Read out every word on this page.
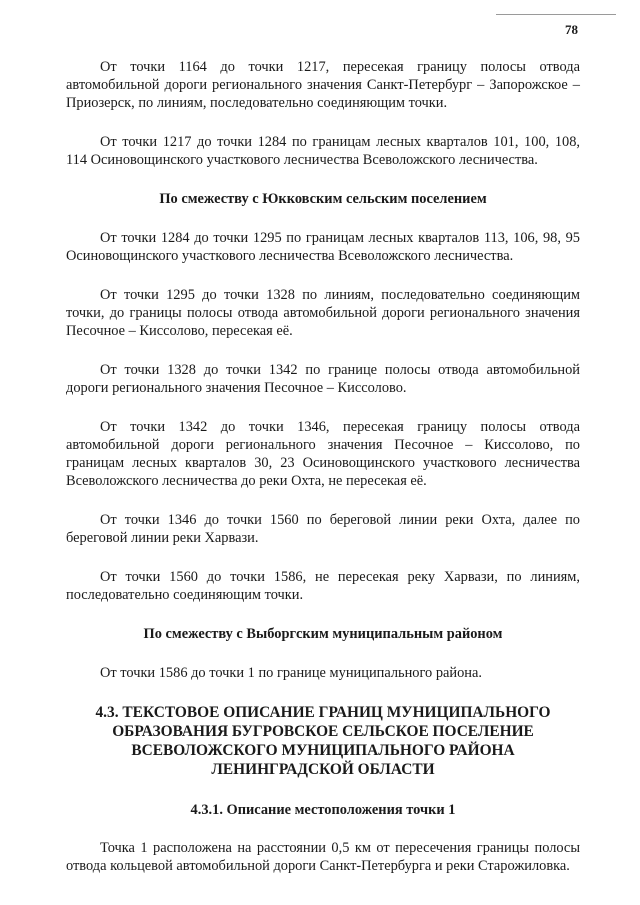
78

От точки 1164 до точки 1217, пересекая границу полосы отвода автомобильной дороги регионального значения Санкт-Петербург – Запорожское – Приозерск, по линиям, последовательно соединяющим точки.

От точки 1217 до точки 1284 по границам лесных кварталов 101, 100, 108, 114 Осиновощинского участкового лесничества Всеволожского лесничества.

По смежеству с Юкковским сельским поселением

От точки 1284 до точки 1295 по границам лесных кварталов 113, 106, 98, 95 Осиновощинского участкового лесничества Всеволожского лесничества.

От точки 1295 до точки 1328 по линиям, последовательно соединяющим точки, до границы полосы отвода автомобильной дороги регионального значения Песочное – Киссолово, пересекая её.

От точки 1328 до точки 1342 по границе полосы отвода автомобильной дороги регионального значения Песочное – Киссолово.

От точки 1342 до точки 1346, пересекая границу полосы отвода автомобильной дороги регионального значения Песочное – Киссолово, по границам лесных кварталов 30, 23 Осиновощинского участкового лесничества Всеволожского лесничества до реки Охта, не пересекая её.

От точки 1346 до точки 1560 по береговой линии реки Охта, далее по береговой линии реки Харвази.

От точки 1560 до точки 1586, не пересекая реку Харвази, по линиям, последовательно соединяющим точки.

По смежеству с Выборгским муниципальным районом

От точки 1586 до точки 1 по границе муниципального района.

4.3. ТЕКСТОВОЕ ОПИСАНИЕ ГРАНИЦ МУНИЦИПАЛЬНОГО ОБРАЗОВАНИЯ БУГРОВСКОЕ СЕЛЬСКОЕ ПОСЕЛЕНИЕ ВСЕВОЛОЖСКОГО МУНИЦИПАЛЬНОГО РАЙОНА ЛЕНИНГРАДСКОЙ ОБЛАСТИ
4.3.1. Описание местоположения точки 1

Точка 1 расположена на расстоянии 0,5 км от пересечения границы полосы отвода кольцевой автомобильной дороги Санкт-Петербурга и реки Старожиловка.
